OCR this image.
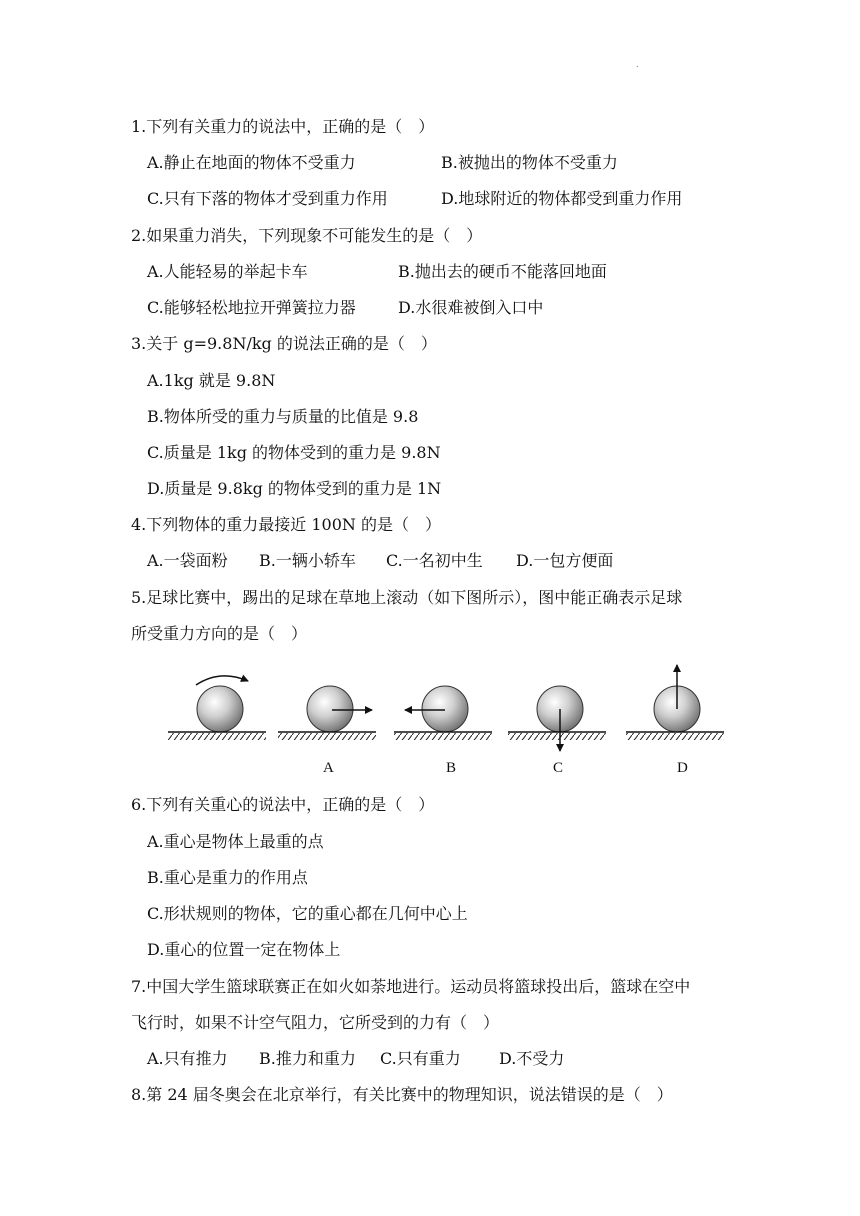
.
1.下列有关重力的说法中，正确的是（　）
A.静止在地面的物体不受重力	B.被抛出的物体不受重力
C.只有下落的物体才受到重力作用	D.地球附近的物体都受到重力作用
2.如果重力消失，下列现象不可能发生的是（　）
A.人能轻易的举起卡车	B.抛出去的硬币不能落回地面
C.能够轻松地拉开弹簧拉力器	D.水很难被倒入口中
3.关于 g=9.8N/kg 的说法正确的是（　）
A.1kg 就是 9.8N
B.物体所受的重力与质量的比值是 9.8
C.质量是 1kg 的物体受到的重力是 9.8N
D.质量是 9.8kg 的物体受到的重力是 1N
4.下列物体的重力最接近 100N 的是（　）
A.一袋面粉 B.一辆小轿车 C.一名初中生 D.一包方便面
5.足球比赛中，踢出的足球在草地上滚动（如下图所示），图中能正确表示足球
所受重力方向的是（　）
A	B	C	D
6.下列有关重心的说法中，正确的是（　）
A.重心是物体上最重的点
B.重心是重力的作用点
C.形状规则的物体，它的重心都在几何中心上
D.重心的位置一定在物体上
7.中国大学生篮球联赛正在如火如荼地进行。运动员将篮球投出后，篮球在空中
飞行时，如果不计空气阻力，它所受到的力有（　）
A.只有推力 B.推力和重力 C.只有重力 D.不受力
8.第 24 届冬奥会在北京举行，有关比赛中的物理知识，说法错误的是（　）
